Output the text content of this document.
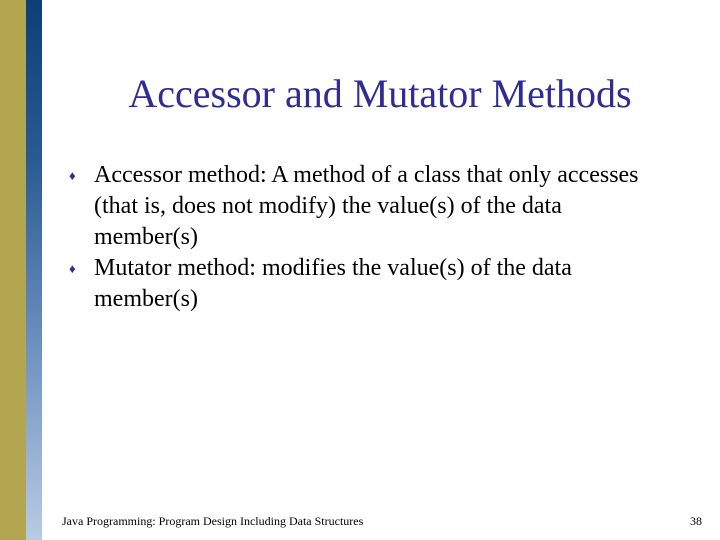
Accessor and Mutator Methods
♦ Accessor method: A method of a class that only accesses (that is, does not modify) the value(s) of the data member(s)
♦ Mutator method: modifies the value(s) of the data member(s)
Java Programming: Program Design Including Data Structures	38
